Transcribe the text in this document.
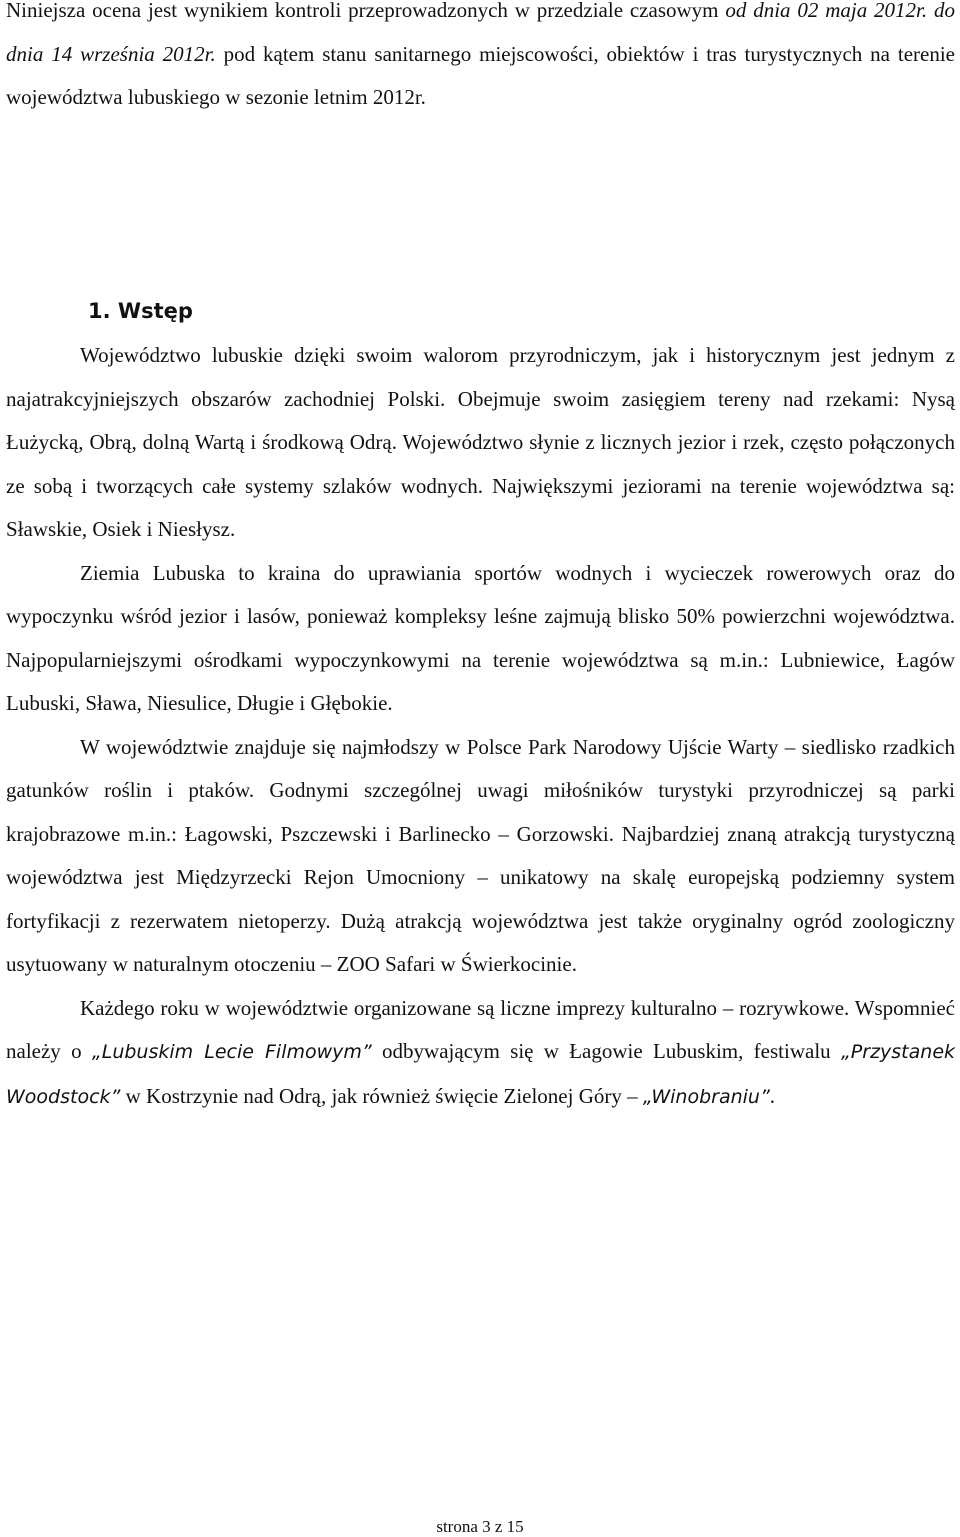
Niniejsza ocena jest wynikiem kontroli przeprowadzonych w przedziale czasowym od dnia 02 maja 2012r. do dnia 14 września 2012r. pod kątem stanu sanitarnego miejscowości, obiektów i tras turystycznych na terenie województwa lubuskiego w sezonie letnim 2012r.

1. Wstęp

Województwo lubuskie dzięki swoim walorom przyrodniczym, jak i historycznym jest jednym z najatrakcyjniejszych obszarów zachodniej Polski. Obejmuje swoim zasięgiem tereny nad rzekami: Nysą Łużycką, Obrą, dolną Wartą i środkową Odrą. Województwo słynie z licznych jezior i rzek, często połączonych ze sobą i tworzących całe systemy szlaków wodnych. Największymi jeziorami na terenie województwa są: Sławskie, Osiek i Niesłysz.

Ziemia Lubuska to kraina do uprawiania sportów wodnych i wycieczek rowerowych oraz do wypoczynku wśród jezior i lasów, ponieważ kompleksy leśne zajmują blisko 50% powierzchni województwa. Najpopularniejszymi ośrodkami wypoczynkowymi na terenie województwa są m.in.: Lubniewice, Łagów Lubuski, Sława, Niesulice, Długie i Głębokie.

W województwie znajduje się najmłodszy w Polsce Park Narodowy Ujście Warty – siedlisko rzadkich gatunków roślin i ptaków. Godnymi szczególnej uwagi miłośników turystyki przyrodniczej są parki krajobrazowe m.in.: Łagowski, Pszczewski i Barlinecko – Gorzowski. Najbardziej znaną atrakcją turystyczną województwa jest Międzyrzecki Rejon Umocniony – unikatowy na skalę europejską podziemny system fortyfikacji z rezerwatem nietoperzy. Dużą atrakcją województwa jest także oryginalny ogród zoologiczny usytuowany w naturalnym otoczeniu – ZOO Safari w Świerkocinie.

Każdego roku w województwie organizowane są liczne imprezy kulturalno – rozrywkowe. Wspomnieć należy o „Lubuskim Lecie Filmowym” odbywającym się w Łagowie Lubuskim, festiwalu „Przystanek Woodstock” w Kostrzynie nad Odrą, jak również święcie Zielonej Góry – „Winobraniu”.

strona 3 z 15
